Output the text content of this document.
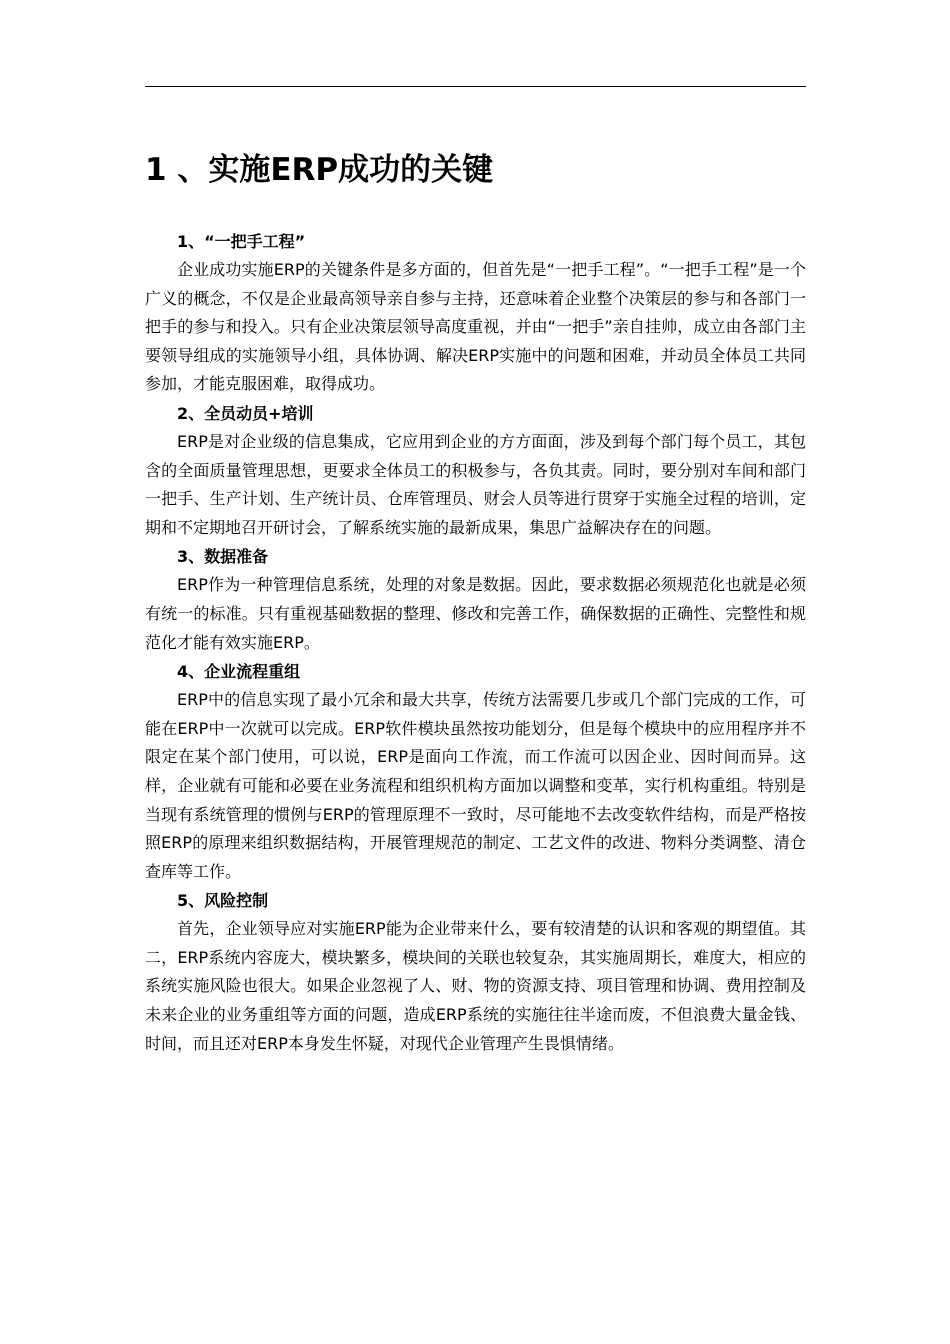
1 、实施ERP成功的关键

1、“一把手工程”

企业成功实施ERP的关键条件是多方面的，但首先是“一把手工程”。“一把手工程”是一个广义的概念，不仅是企业最高领导亲自参与主持，还意味着企业整个决策层的参与和各部门一把手的参与和投入。只有企业决策层领导高度重视，并由“一把手”亲自挂帅，成立由各部门主要领导组成的实施领导小组，具体协调、解决ERP实施中的问题和困难，并动员全体员工共同参加，才能克服困难，取得成功。

2、全员动员+培训

ERP是对企业级的信息集成，它应用到企业的方方面面，涉及到每个部门每个员工，其包含的全面质量管理思想，更要求全体员工的积极参与，各负其责。同时，要分别对车间和部门一把手、生产计划、生产统计员、仓库管理员、财会人员等进行贯穿于实施全过程的培训，定期和不定期地召开研讨会，了解系统实施的最新成果，集思广益解决存在的问题。

3、数据准备

ERP作为一种管理信息系统，处理的对象是数据。因此，要求数据必须规范化也就是必须有统一的标准。只有重视基础数据的整理、修改和完善工作，确保数据的正确性、完整性和规范化才能有效实施ERP。

4、企业流程重组

ERP中的信息实现了最小冗余和最大共享，传统方法需要几步或几个部门完成的工作，可能在ERP中一次就可以完成。ERP软件模块虽然按功能划分，但是每个模块中的应用程序并不限定在某个部门使用，可以说，ERP是面向工作流，而工作流可以因企业、因时间而异。这样，企业就有可能和必要在业务流程和组织机构方面加以调整和变革，实行机构重组。特别是当现有系统管理的惯例与ERP的管理原理不一致时，尽可能地不去改变软件结构，而是严格按照ERP的原理来组织数据结构，开展管理规范的制定、工艺文件的改进、物料分类调整、清仓查库等工作。

5、风险控制

首先，企业领导应对实施ERP能为企业带来什么，要有较清楚的认识和客观的期望值。其二，ERP系统内容庞大，模块繁多，模块间的关联也较复杂，其实施周期长，难度大，相应的系统实施风险也很大。如果企业忽视了人、财、物的资源支持、项目管理和协调、费用控制及未来企业的业务重组等方面的问题，造成ERP系统的实施往往半途而废，不但浪费大量金钱、时间，而且还对ERP本身发生怀疑，对现代企业管理产生畏惧情绪。
